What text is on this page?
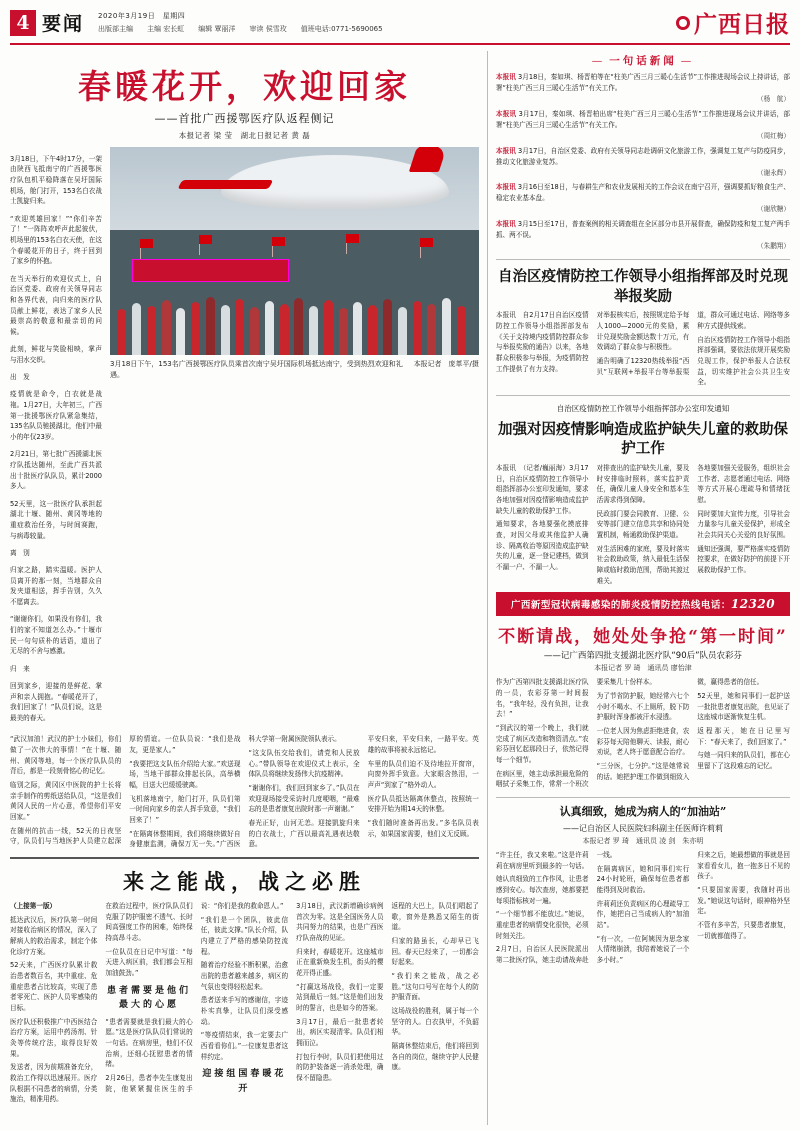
4 要闻 2020年3月19日　星期四
出版部主编 主编 宏长虹 编辑 覃丽洋 审读 侯雪玫 值班电话:0771-5690065	广西日报
春暖花开，欢迎回家
——首批广西援鄂医疗队返程侧记
本报记者 梁 莹　湖北日报记者 黄 磊

3月18日，下午4时17分，一架由陕西飞抵南宁的广西援鄂医疗队包机平稳降落在吴圩国际机场，舱门打开，153名白衣战士凯旋归来。

“欢迎英雄回家！”“你们辛苦了！”一阵阵欢呼声此起彼伏，机场里的153名白衣天使，在这个春暖花开的日子，终于回到了家乡的怀抱。

在当天举行的欢迎仪式上，自治区党委、政府有关领导同志和各界代表，向归来的医疗队员献上鲜花，表达了家乡人民最崇高的敬意和最亲切的问候。

此刻，鲜花与笑脸相映，掌声与泪水交织。

出　发

疫情就是命令，白衣就是战袍。1月27日，大年初三，广西第一批援鄂医疗队紧急集结，135名队员驰援湖北，他们中最小的年仅23岁。

2月21日，第七批广西援湖北医疗队抵达随州，至此广西共派出十批医疗队队员，累计2000多人。

52天里，这一批医疗队承担起湖北十堰、随州、黄冈等地的重症救治任务，与时间赛跑，与病毒较量。

离　别

归家之路，踏实温暖。医护人员离开的那一刻，当地群众自发夹道相送，挥手告别，久久不愿离去。

“谢谢你们，如果没有你们，我们的家不知道怎么办。”十堰市民一句句质朴的话语，道出了无尽的不舍与感激。

归　来

回到家乡，迎接的是鲜花、掌声和亲人拥抱。“春暖花开了，我们回家了！”队员们说，这是最美的春天。

本报记者　庞革平/摄
3月18日下午，153名广西援鄂医疗队员乘首次南宁吴圩国际机场抵达南宁，受到热烈欢迎和礼遇。

“武汉加油！武汉的护士小妹们，你们做了一次伟大的事情！”在十堰、随州、黄冈等地，每一个医疗队队员的背后，都是一段刻骨铭心的记忆。

临别之际，黄冈区中医院的护士长将亲手制作的剪纸送给队员，“这是我们黄冈人民的一片心意，希望你们平安回家。”

在随州的抗击一线，52天的日夜坚守，队员们与当地医护人员建立起深厚的情谊。一位队员说：“我们是战友，更是家人。”

“我要把这支队伍介绍给大家。”欢送现场，当地干部群众排起长队，高举横幅，目送大巴缓缓驶离。

飞机落地南宁，舱门打开，队员们第一时间向家乡的亲人挥手致意，“我们回来了！”

“在隔离休整期间，我们将继续做好自身健康监测，确保万无一失。”广西医科大学第一附属医院领队表示。

“这支队伍交给我们，请党和人民放心。”带队领导在欢迎仪式上表示，全体队员将继续发扬伟大抗疫精神。

“谢谢你们，我们回到家乡了。”队员在欢迎现场接受采访时几度哽咽，“最难忘的是患者康复出院时那一声谢谢。”

春光正好，山河无恙。迎接凱旋归来的白衣战士，广西以最高礼遇表达敬意。

平安归来，平安归来，一路平安。英雄的故事将被永远铭记。

车里的队员们迫不及待地拉开窗帘，向窗外挥手致意。大家眼含热泪，一声声“到家了”格外动人。

医疗队员抵达隔离休整点，按照统一安排开始为期14天的休整。

“我们随时准备再出发。”多名队员表示，如果国家需要，他们义无反顾。

来之能战，战之必胜

（上接第一版）

抵达武汉后，医疗队第一时间对接收治病区的情况，深入了解病人的救治需求，制定个体化诊疗方案。

52天来，广西医疗队累计救治患者数百名，其中重症、危重症患者占比较高，实现了患者零死亡、医护人员零感染的目标。

医疗队还积极推广中西医结合治疗方案，运用中药汤剂、针灸等传统疗法，取得良好效果。

发送者，因为前期准备充分，救治工作得以迅速展开。医疗队根据不同患者的病情，分类施治，精准用药。

在救治过程中，医疗队队员们克服了防护服密不透气、长时间高强度工作的困难，始终保持高昂斗志。

一位队员在日记中写道：“每天进入病区前，我们都会互相加油鼓劲。”

患者需要是他们最大的心愿

“患者需要就是我们最大的心愿。”这是医疗队队员们常说的一句话。在病房里，他们不仅治病，还细心抚慰患者的情绪。

2月26日，患者李先生康复出院，他紧紧握住医生的手说：“你们是我的救命恩人。”

“我们是一个团队，彼此信任，彼此支撑。”队长介绍，队内建立了严格的感染防控流程。

随着治疗经验不断积累，治愈出院的患者越来越多，病区的气氛也变得轻松起来。

患者送来手写的感谢信，字迹朴实真挚，让队员们深受感动。

“等疫情结束，我一定要去广西看看你们。”一位康复患者这样约定。

迎接组国春暖花开

3月18日，武汉新增确诊病例首次为零。这是全国医务人员共同努力的结果，也是广西医疗队奋战的见证。

归来时，春暖花开。这座城市正在重新焕发生机，街头的樱花开得正盛。

“打赢这场战役，我们一定要站到最后一刻。”这是他们出发时的誓言，也是如今的答案。

3月17日，最后一批患者转出，病区实现清零。队员们相拥而泣。

打包行李时，队员们把使用过的防护装备逐一消杀处理，确保不留隐患。

返程的大巴上，队员们唱起了歌，窗外是熟悉又陌生的街道。

归家的路虽长，心却早已飞回。春天已经来了，一切都会好起来。

“我们来之能战，战之必胜。”这句口号写在每个人的防护服背面。

这场战役的胜利，属于每一个坚守的人。白衣执甲，不负韶华。

隔离休整结束后，他们将回到各自的岗位，继续守护人民健康。

— 一句话新闻 —
本报讯 3月18日，秦如琪、杨晋柏等在“柱美广西三月三暖心生活节”工作推进现场会议上持讲话，部署“柱美广西三月三暖心生活节”有关工作。
（杨　航）
本报讯 3月17日，秦如琪、杨晋柏出席“柱美广西三月三暖心生活节”工作推进现场会议并讲话，部署“柱美广西三月三暖心生活节”有关工作。
（周红梅）
本报讯 3月17日，自治区党委、政府有关领导同志赴调研文化旅游工作，强调复工复产与防疫同步，推动文化旅游业复苏。
（谢永辉）
本报讯 3月16日至18日，与春耕生产和农业发展相关的工作会议在南宁召开，强调要抓好粮食生产、稳定农业基本盘。
（谢欣糖）
本报讯 3月15日至17日，普查案例的相关调查组在全区部分市县开展督查，确保防疫和复工复产两手抓、两不误。
（朱鹏翔）
自治区疫情防控工作领导小组指挥部及时兑现举报奖励

本报讯　自2月17日自治区疫情防控工作领导小组指挥部发布《关于支持境内疫情防控群众参与举报奖励的通告》以来，各地群众积极参与举报，为疫情防控工作提供了有力支持。

对举报核实后，按照规定给予每人1000—2000元的奖励，累计兑现奖励金额达数十万元，有效调动了群众参与积极性。

通告明确了12320热线举报“西贝”互联网+举报平台等举报渠道，群众可通过电话、网络等多种方式提供线索。

自治区疫情防控工作领导小组指挥部强调，要依法依规开展奖励兑现工作，保护举报人合法权益，切实维护社会公共卫生安全。

自治区疫情防控工作领导小组指挥部办公室印发通知
加强对因疫情影响造成监护缺失儿童的救助保护工作

本报讯　（记者/巍丽海）3月17日，自治区疫情防控工作领导小组指挥部办公室印发通知，要求各地加强对因疫情影响造成监护缺失儿童的救助保护工作。

通知要求，各地要强化摸底排查，对因父母或其他监护人确诊、隔离收治等原因造成监护缺失的儿童，逐一登记建档，做到不漏一户、不漏一人。

对排查出的监护缺失儿童，要及时安排临时照料，落实监护责任，确保儿童人身安全和基本生活需求得到保障。

民政部门要会同教育、卫健、公安等部门建立信息共享和协同处置机制，畅通救助保护渠道。

对生活困难的家庭，要及时落实社会救助政策，纳入最低生活保障或临时救助范围，帮助其渡过难关。

各地要加强关爱服务，组织社会工作者、志愿者通过电话、网络等方式开展心理疏导和情绪抚慰。

同时要加大宣传力度，引导社会力量参与儿童关爱保护，形成全社会共同关心关爱的良好氛围。

通知还强调，要严格落实疫情防控要求，在做好防护的前提下开展救助保护工作。

广西新型冠状病毒感染的肺炎疫情防控热线电话：12320
不断请战，她处处争抢“第一时间”
——记广西第四批支援湖北医疗队“90后”队员农彩芬
本报记者 罗 琦　通讯员 廖怡津

作为广西第四批支援湖北医疗队的一员，农彩芬第一时间报名，“我年轻，没有负担，让我去！”

“到武汉的第一个晚上，我们就完成了病区改造和物资清点。”农彩芬回忆起那段日子，依然记得每一个细节。

在病区里，她主动承担最危险的咽拭子采集工作，常常一个班次要采集几十份样本。

为了节省防护服，她经常六七个小时不喝水、不上厕所，脱下防护服时浑身都被汗水浸透。

一位老人因为焦虑拒绝进食，农彩芬每天陪他聊天、读报，耐心劝说，老人终于愿意配合治疗。

“三分医，七分护。”这是她常说的话。她把护理工作做到细致入微，赢得患者的信任。

52天里，她和同事们一起护送一批批患者康复出院，也见证了这座城市逐渐恢复生机。

返程那天，她在日记里写下：“春天来了，我们回家了。”

与她一同归来的队员们，都在心里留下了这段难忘的记忆。

认真细致，她成为病人的“加油站”
——记自治区人民医院妇科副主任医师许莉莉
本报记者 罗 琦　通讯员 凌 剑　朱亦明

“许主任，我又来啦。”这是许莉莉在病房里听到最多的一句话。

她认真细致的工作作风，让患者感到安心。每次查房，她都要把每项指标核对一遍。

“一个细节都不能放过。”她说，重症患者的病情变化很快，必须时刻关注。

2月7日，自治区人民医院派出第二批医疗队，她主动请战奔赴一线。

在隔离病区，她和同事们实行24小时轮班，确保每位患者都能得到及时救治。

许莉莉还负责病区的心理疏导工作，她把自己当成病人的“加油站”。

“有一次，一位阿姨因为思念家人情绪崩溃，我陪着她说了一个多小时。”

归来之后，她最想做的事就是回家看看女儿，抱一抱多日不见的孩子。

“只要国家需要，我随时再出发。”她说这句话时，眼神格外坚定。

不管有多辛苦，只要患者康复，一切就都值得了。
